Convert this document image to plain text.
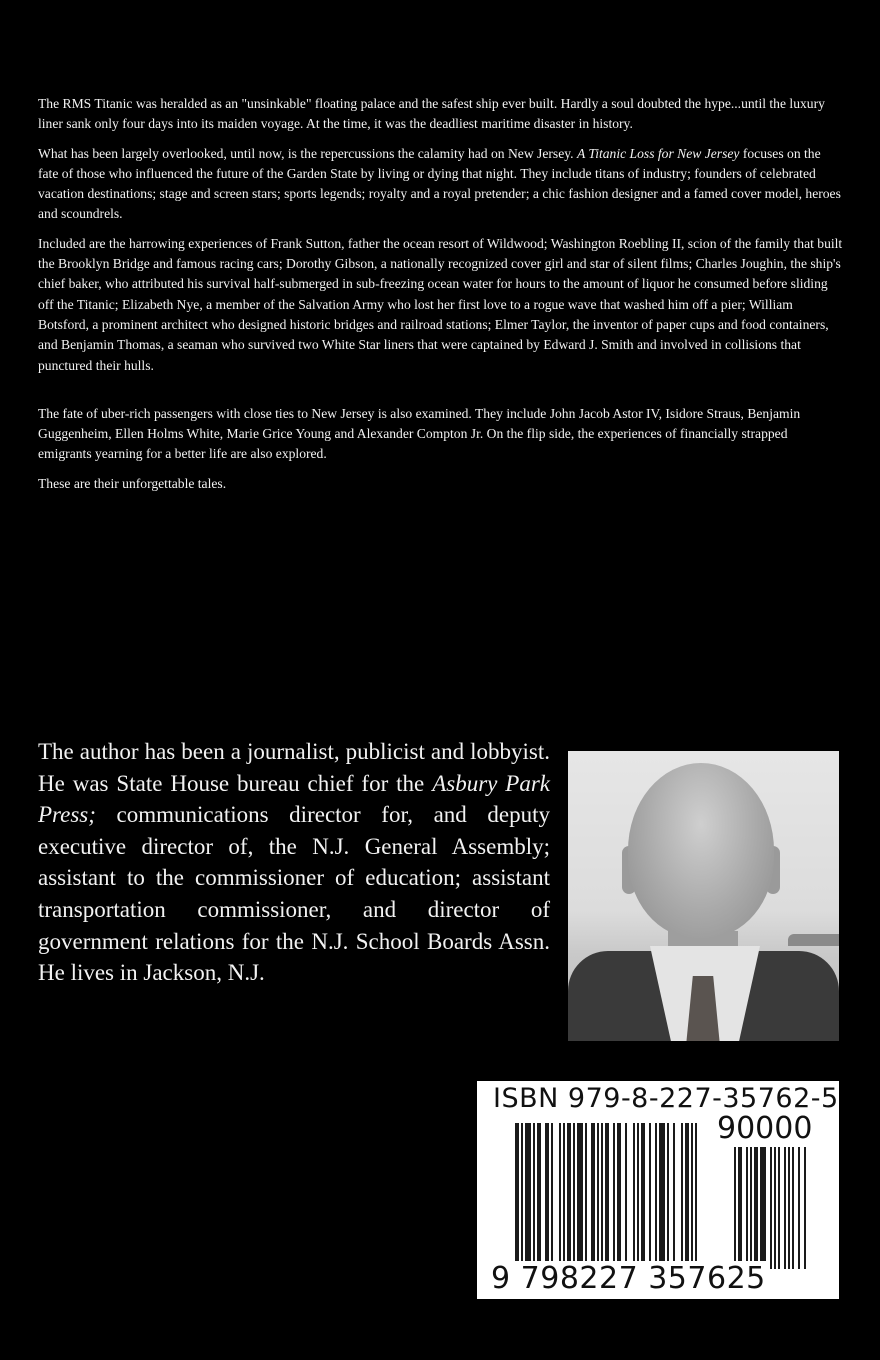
The RMS Titanic was heralded as an "unsinkable" floating palace and the safest ship ever built. Hardly a soul doubted the hype...until the luxury liner sank only four days into its maiden voyage. At the time, it was the deadliest maritime disaster in history.

What has been largely overlooked, until now, is the repercussions the calamity had on New Jersey. A Titanic Loss for New Jersey focuses on the fate of those who influenced the future of the Garden State by living or dying that night. They include titans of industry; founders of celebrated vacation destinations; stage and screen stars; sports legends; royalty and a royal pretender; a chic fashion designer and a famed cover model, heroes and scoundrels.

Included are the harrowing experiences of Frank Sutton, father the ocean resort of Wildwood; Washington Roebling II, scion of the family that built the Brooklyn Bridge and famous racing cars; Dorothy Gibson, a nationally recognized cover girl and star of silent films; Charles Joughin, the ship's chief baker, who attributed his survival half-submerged in sub-freezing ocean water for hours to the amount of liquor he consumed before sliding off the Titanic; Elizabeth Nye, a member of the Salvation Army who lost her first love to a rogue wave that washed him off a pier; William Botsford, a prominent architect who designed historic bridges and railroad stations; Elmer Taylor, the inventor of paper cups and food containers, and Benjamin Thomas, a seaman who survived two White Star liners that were captained by Edward J. Smith and involved in collisions that punctured their hulls.

The fate of uber-rich passengers with close ties to New Jersey is also examined. They include John Jacob Astor IV, Isidore Straus, Benjamin Guggenheim, Ellen Holms White, Marie Grice Young and Alexander Compton Jr. On the flip side, the experiences of financially strapped emigrants yearning for a better life are also explored.

These are their unforgettable tales.

The author has been a journalist, publicist and lobbyist. He was State House bureau chief for the Asbury Park Press; communications director for, and deputy executive director of, the N.J. General Assembly; assistant to the commissioner of education; assistant transportation commissioner, and director of government relations for the N.J. School Boards Assn. He lives in Jackson, N.J.

ISBN 979-8-227-35762-5
90000
9 798227 357625
